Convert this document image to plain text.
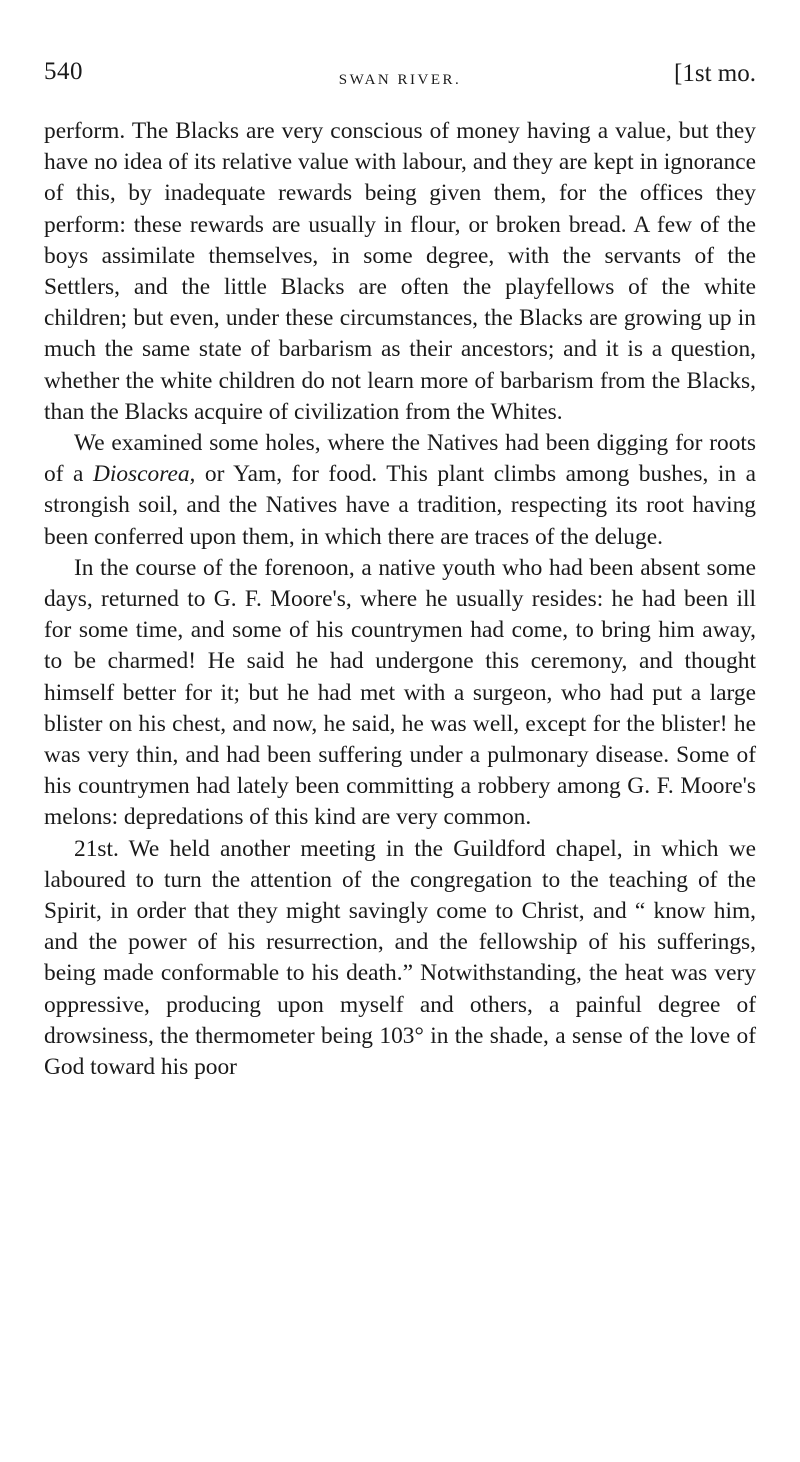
540	SWAN RIVER.	[1st mo.

perform. The Blacks are very conscious of money having a value, but they have no idea of its relative value with labour, and they are kept in ignorance of this, by inadequate rewards being given them, for the offices they perform: these rewards are usually in flour, or broken bread. A few of the boys assimilate themselves, in some degree, with the servants of the Settlers, and the little Blacks are often the playfellows of the white children; but even, under these circumstances, the Blacks are growing up in much the same state of barbarism as their ancestors; and it is a question, whether the white children do not learn more of barbarism from the Blacks, than the Blacks acquire of civilization from the Whites.

We examined some holes, where the Natives had been digging for roots of a Dioscorea, or Yam, for food. This plant climbs among bushes, in a strongish soil, and the Natives have a tradition, respecting its root having been conferred upon them, in which there are traces of the deluge.

In the course of the forenoon, a native youth who had been absent some days, returned to G. F. Moore's, where he usually resides: he had been ill for some time, and some of his countrymen had come, to bring him away, to be charmed! He said he had undergone this ceremony, and thought himself better for it; but he had met with a surgeon, who had put a large blister on his chest, and now, he said, he was well, except for the blister! he was very thin, and had been suffering under a pulmonary disease. Some of his countrymen had lately been committing a robbery among G. F. Moore's melons: depredations of this kind are very common.

21st. We held another meeting in the Guildford chapel, in which we laboured to turn the attention of the congregation to the teaching of the Spirit, in order that they might savingly come to Christ, and “ know him, and the power of his resurrection, and the fellowship of his sufferings, being made conformable to his death.” Notwithstanding, the heat was very oppressive, producing upon myself and others, a painful degree of drowsiness, the thermometer being 103° in the shade, a sense of the love of God toward his poor
